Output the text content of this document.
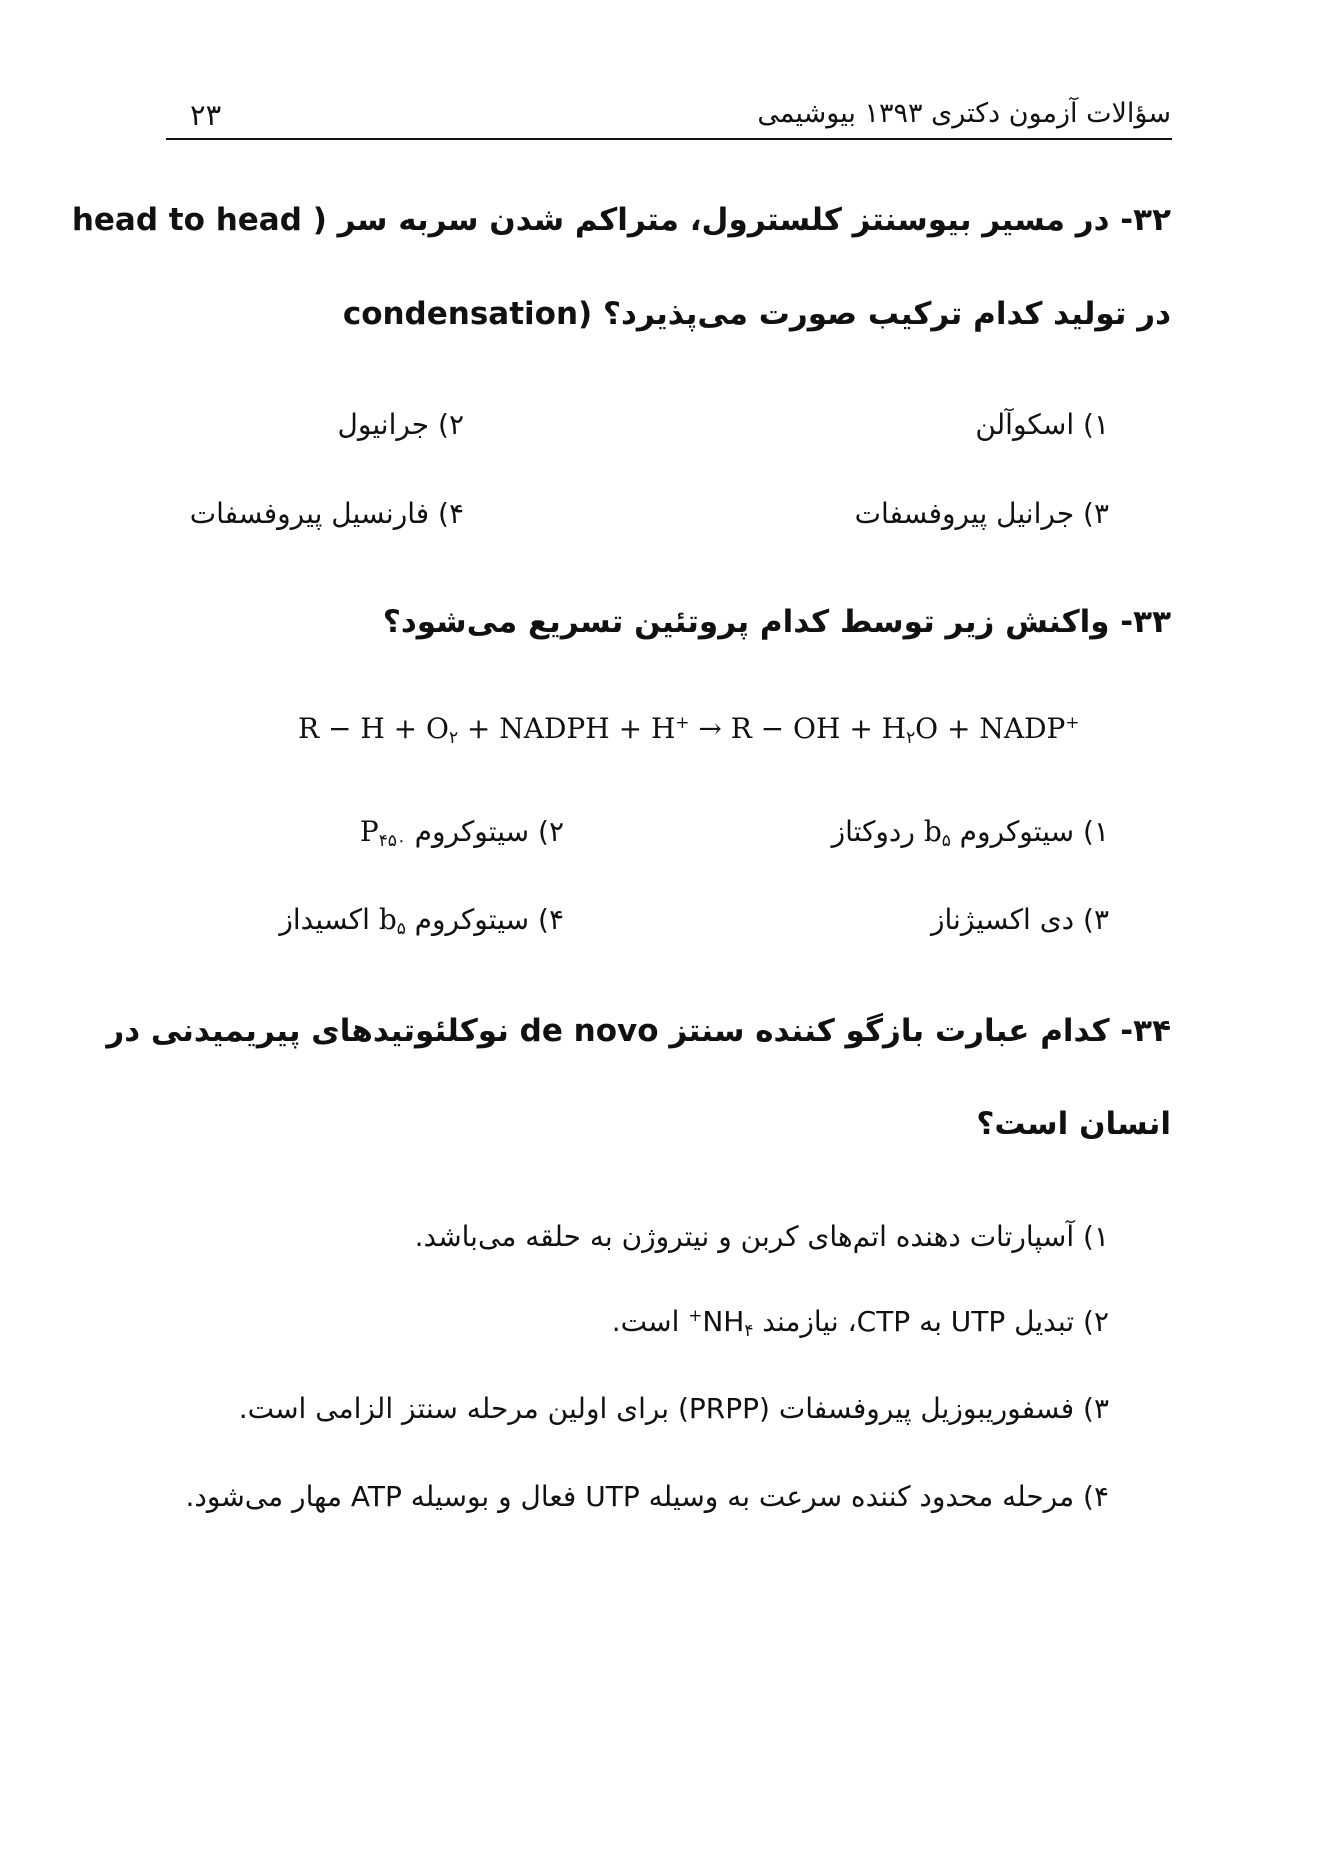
سؤالات آزمون دکتری ۱۳۹۳ بیوشیمی
۲۳
۳۲- در مسیر بیوسنتز کلسترول، متراکم شدن سربه سر ( head to head
condensation) در تولید کدام ترکیب صورت می‌پذیرد؟
۱) اسکوآلن
۲) جرانیول
۳) جرانیل پیروفسفات
۴) فارنسیل پیروفسفات
۳۳- واکنش زیر توسط کدام پروتئین تسریع می‌شود؟
$R - H + O_۲$ + NADPH + H+ → R − OH + $H_۲O$ + NADP+
۱) سیتوکروم $b_۵$ ردوکتاز
۲) سیتوکروم $P_{۴۵۰}$
۳) دی اکسیژناز
۴) سیتوکروم $b_۵$ اکسیداز
۳۴- کدام عبارت بازگو کننده سنتز de novo نوکلئوتیدهای پیریمیدنی در
انسان است؟
۱) آسپارتات دهنده اتم‌های کربن و نیتروژن به حلقه می‌باشد.
۲) تبدیل UTP به CTP، نیازمند $NH_۴^+$ است.
۳) فسفوریبوزیل پیروفسفات (PRPP) برای اولین مرحله سنتز الزامی است.
۴) مرحله محدود کننده سرعت به وسیله UTP فعال و بوسیله ATP مهار می‌شود.
